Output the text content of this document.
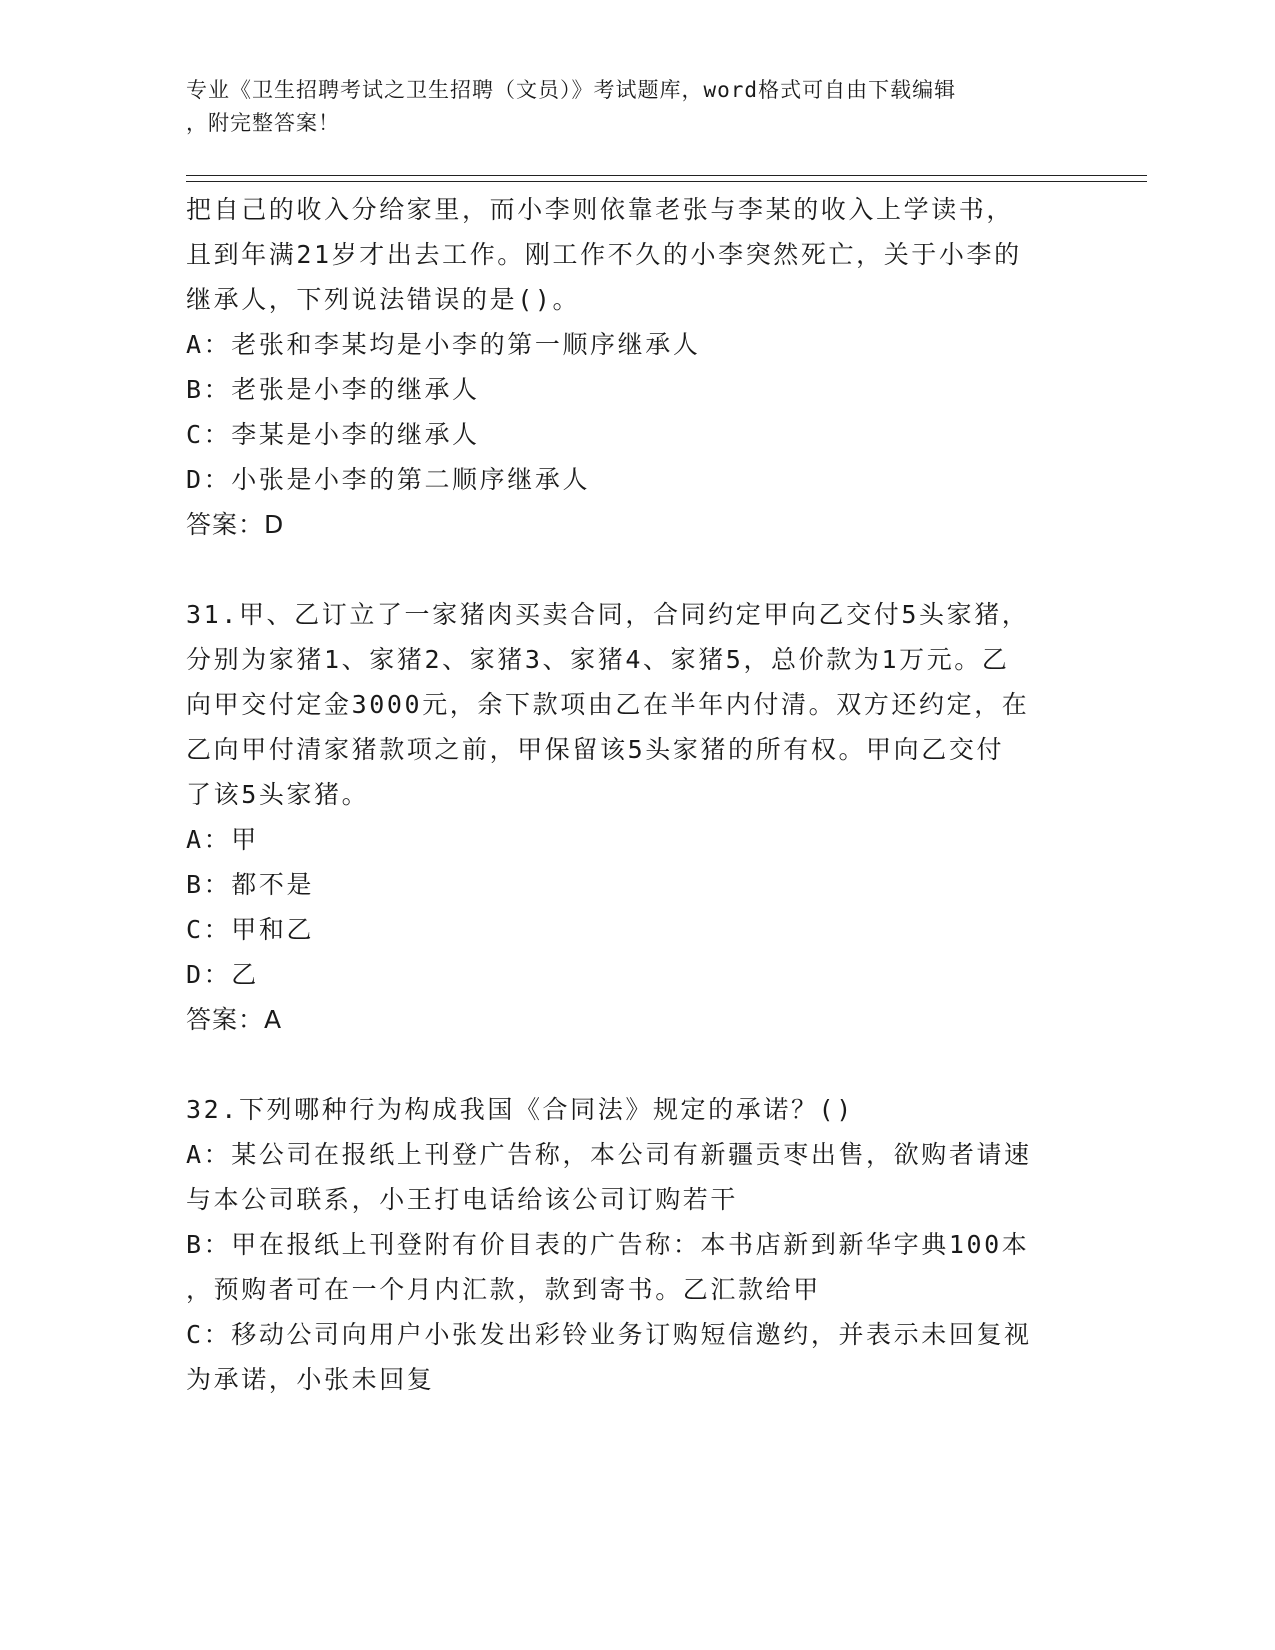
专业《卫生招聘考试之卫生招聘（文员）》考试题库，word格式可自由下载编辑
，附完整答案！
把自己的收入分给家里，而小李则依靠老张与李某的收入上学读书，
且到年满21岁才出去工作。刚工作不久的小李突然死亡，关于小李的
继承人，下列说法错误的是()。
A：老张和李某均是小李的第一顺序继承人
B：老张是小李的继承人
C：李某是小李的继承人
D：小张是小李的第二顺序继承人
答案：D
31.甲、乙订立了一家猪肉买卖合同，合同约定甲向乙交付5头家猪，
分别为家猪1、家猪2、家猪3、家猪4、家猪5，总价款为1万元。乙
向甲交付定金3000元，余下款项由乙在半年内付清。双方还约定，在
乙向甲付清家猪款项之前，甲保留该5头家猪的所有权。甲向乙交付
了该5头家猪。
A：甲
B：都不是
C：甲和乙
D：乙
答案：A
32.下列哪种行为构成我国《合同法》规定的承诺？()
A：某公司在报纸上刊登广告称，本公司有新疆贡枣出售，欲购者请速
与本公司联系，小王打电话给该公司订购若干
B：甲在报纸上刊登附有价目表的广告称：本书店新到新华字典100本
，预购者可在一个月内汇款，款到寄书。乙汇款给甲
C：移动公司向用户小张发出彩铃业务订购短信邀约，并表示未回复视
为承诺，小张未回复
